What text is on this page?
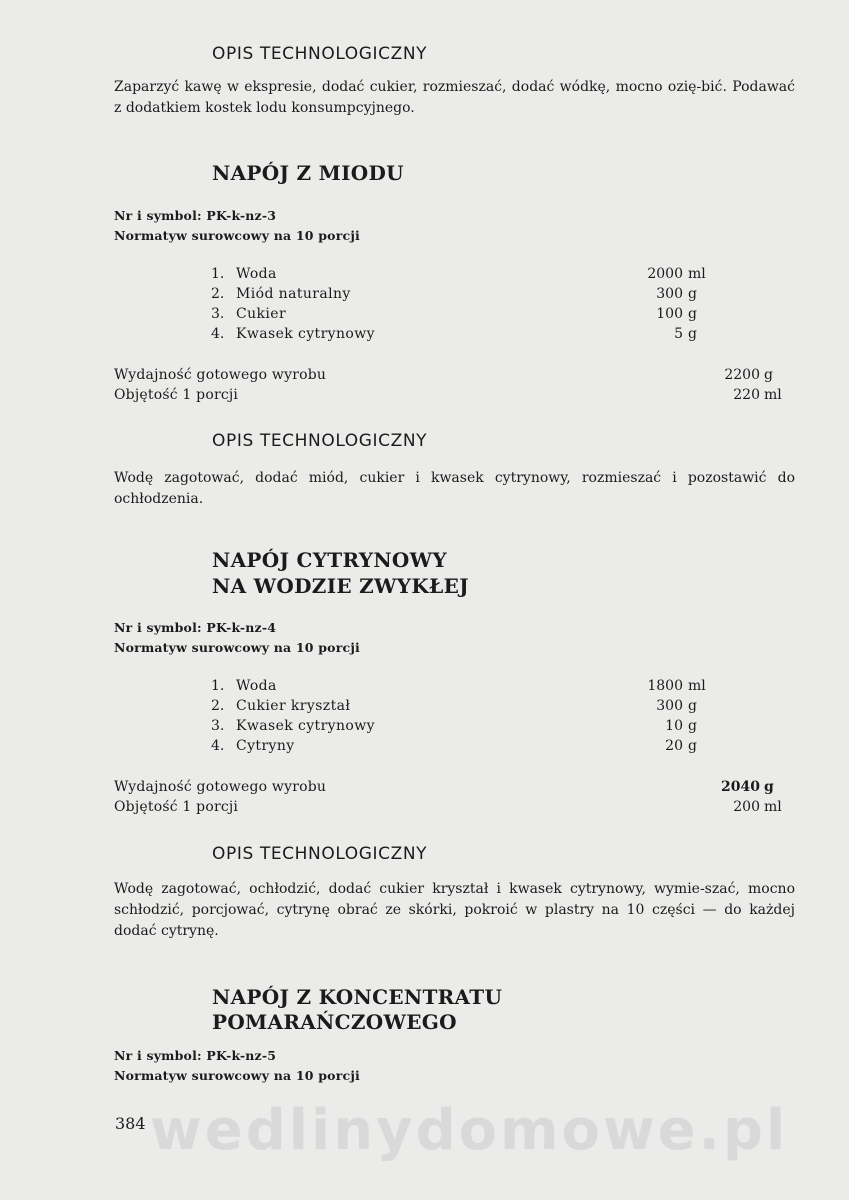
wedlinydomowe.pl
OPIS TECHNOLOGICZNY
Zaparzyć kawę w ekspresie, dodać cukier, rozmieszać, dodać wódkę, mocno ozię-bić. Podawać z dodatkiem kostek lodu konsumpcyjnego.
NAPÓJ Z MIODU
Nr i symbol: PK-k-nz-3
Normatyw surowcowy na 10 porcji
1. Woda	2000 ml
2. Miód naturalny	300 g
3. Cukier	100 g
4. Kwasek cytrynowy	5 g
Wydajność gotowego wyrobu	2200 g
Objętość 1 porcji	220 ml
OPIS TECHNOLOGICZNY
Wodę zagotować, dodać miód, cukier i kwasek cytrynowy, rozmieszać i pozostawić do ochłodzenia.
NAPÓJ CYTRYNOWY
NA WODZIE ZWYKŁEJ
Nr i symbol: PK-k-nz-4
Normatyw surowcowy na 10 porcji
1. Woda	1800 ml
2. Cukier kryształ	300 g
3. Kwasek cytrynowy	10 g
4. Cytryny	20 g
Wydajność gotowego wyrobu	2040 g
Objętość 1 porcji	200 ml
OPIS TECHNOLOGICZNY
Wodę zagotować, ochłodzić, dodać cukier kryształ i kwasek cytrynowy, wymie-szać, mocno schłodzić, porcjować, cytrynę obrać ze skórki, pokroić w plastry na 10 części — do każdej dodać cytrynę.
NAPÓJ Z KONCENTRATU
POMARAŃCZOWEGO
Nr i symbol: PK-k-nz-5
Normatyw surowcowy na 10 porcji
384
